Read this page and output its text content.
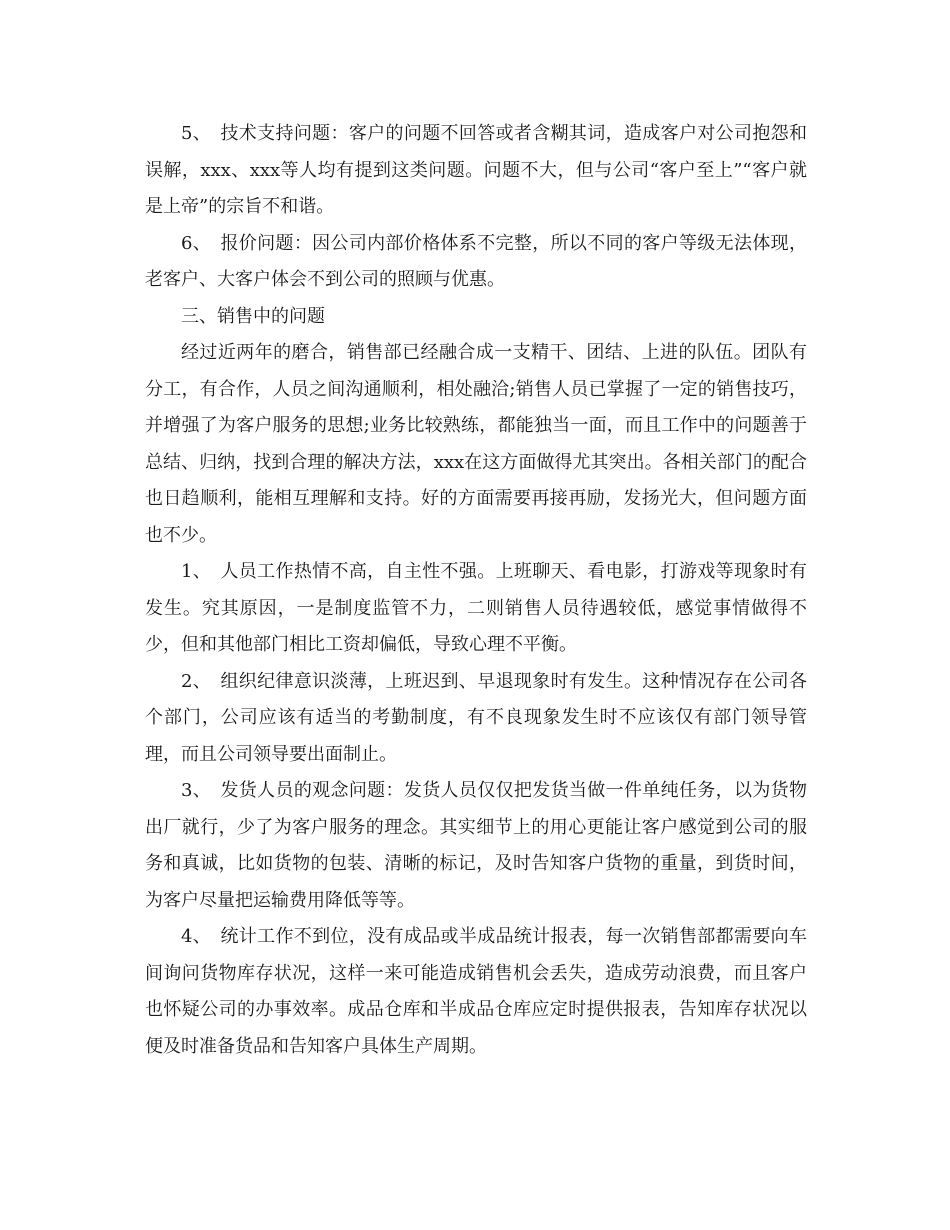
5、　技术支持问题：客户的问题不回答或者含糊其词，造成客户对公司抱怨和误解，xxx、xxx等人均有提到这类问题。问题不大，但与公司“客户至上”“客户就是上帝”的宗旨不和谐。

6、　报价问题：因公司内部价格体系不完整，所以不同的客户等级无法体现，老客户、大客户体会不到公司的照顾与优惠。

三、销售中的问题

经过近两年的磨合，销售部已经融合成一支精干、团结、上进的队伍。团队有分工，有合作，人员之间沟通顺利，相处融洽;销售人员已掌握了一定的销售技巧，并增强了为客户服务的思想;业务比较熟练，都能独当一面，而且工作中的问题善于总结、归纳，找到合理的解决方法，xxx在这方面做得尤其突出。各相关部门的配合也日趋顺利，能相互理解和支持。好的方面需要再接再励，发扬光大，但问题方面也不少。

1、　人员工作热情不高，自主性不强。上班聊天、看电影，打游戏等现象时有发生。究其原因，一是制度监管不力，二则销售人员待遇较低，感觉事情做得不少，但和其他部门相比工资却偏低，导致心理不平衡。

2、　组织纪律意识淡薄，上班迟到、早退现象时有发生。这种情况存在公司各个部门，公司应该有适当的考勤制度，有不良现象发生时不应该仅有部门领导管理，而且公司领导要出面制止。

3、　发货人员的观念问题：发货人员仅仅把发货当做一件单纯任务，以为货物出厂就行，少了为客户服务的理念。其实细节上的用心更能让客户感觉到公司的服务和真诚，比如货物的包装、清晰的标记，及时告知客户货物的重量，到货时间，为客户尽量把运输费用降低等等。

4、　统计工作不到位，没有成品或半成品统计报表，每一次销售部都需要向车间询问货物库存状况，这样一来可能造成销售机会丢失，造成劳动浪费，而且客户也怀疑公司的办事效率。成品仓库和半成品仓库应定时提供报表，告知库存状况以便及时准备货品和告知客户具体生产周期。
